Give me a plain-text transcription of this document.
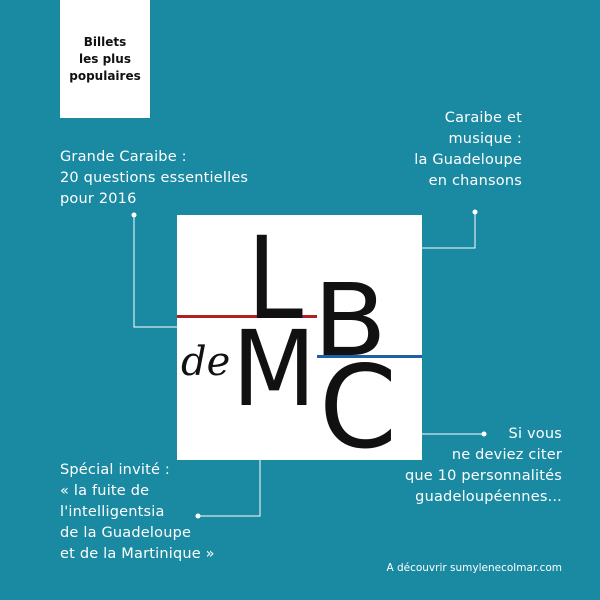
Billets
les plus
populaires
Grande Caraibe :
20 questions essentielles
pour 2016
Caraibe et
musique :
la Guadeloupe
en chansons
Si vous
ne deviez citer
que 10 personnalités
guadeloupéennes...
Spécial invité :
« la fuite de
l'intelligentsia
de la Guadeloupe
et de la Martinique »
L B
de M C
A découvrir sumylenecolmar.com
